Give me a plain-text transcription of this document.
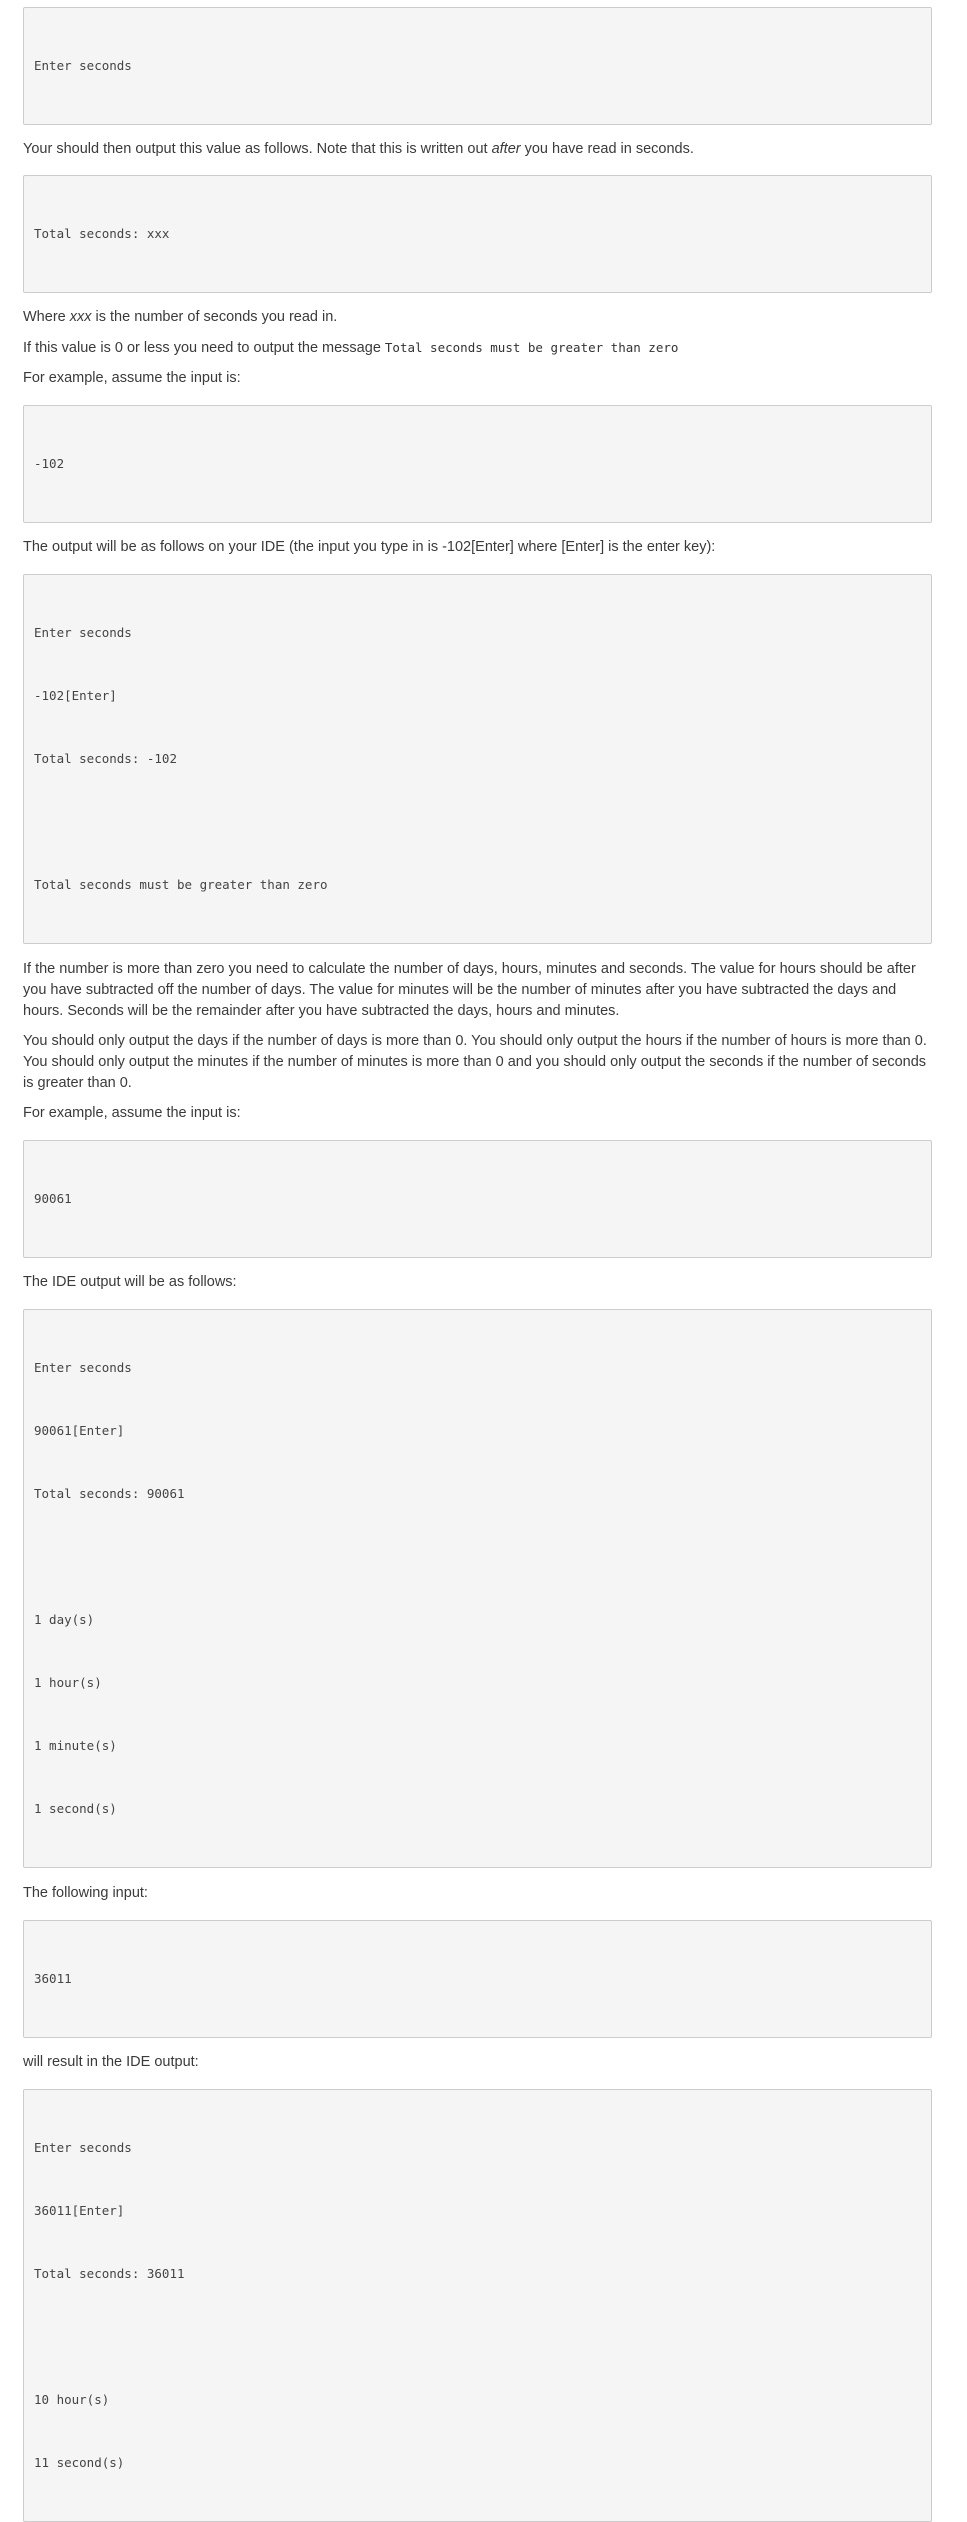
Enter seconds

Your should then output this value as follows. Note that this is written out after you have read in seconds.

Total seconds: xxx

Where xxx is the number of seconds you read in.

If this value is 0 or less you need to output the message Total seconds must be greater than zero

For example, assume the input is:

-102

The output will be as follows on your IDE (the input you type in is -102[Enter] where [Enter] is the enter key):

Enter seconds

-102[Enter]

Total seconds: -102

Total seconds must be greater than zero

If the number is more than zero you need to calculate the number of days, hours, minutes and seconds. The value for hours should be after you have subtracted off the number of days. The value for minutes will be the number of minutes after you have subtracted the days and hours. Seconds will be the remainder after you have subtracted the days, hours and minutes.

You should only output the days if the number of days is more than 0. You should only output the hours if the number of hours is more than 0. You should only output the minutes if the number of minutes is more than 0 and you should only output the seconds if the number of seconds is greater than 0.

For example, assume the input is:

90061

The IDE output will be as follows:

Enter seconds

90061[Enter]

Total seconds: 90061

1 day(s)

1 hour(s)

1 minute(s)

1 second(s)

The following input:

36011

will result in the IDE output:

Enter seconds

36011[Enter]

Total seconds: 36011

10 hour(s)

11 second(s)
